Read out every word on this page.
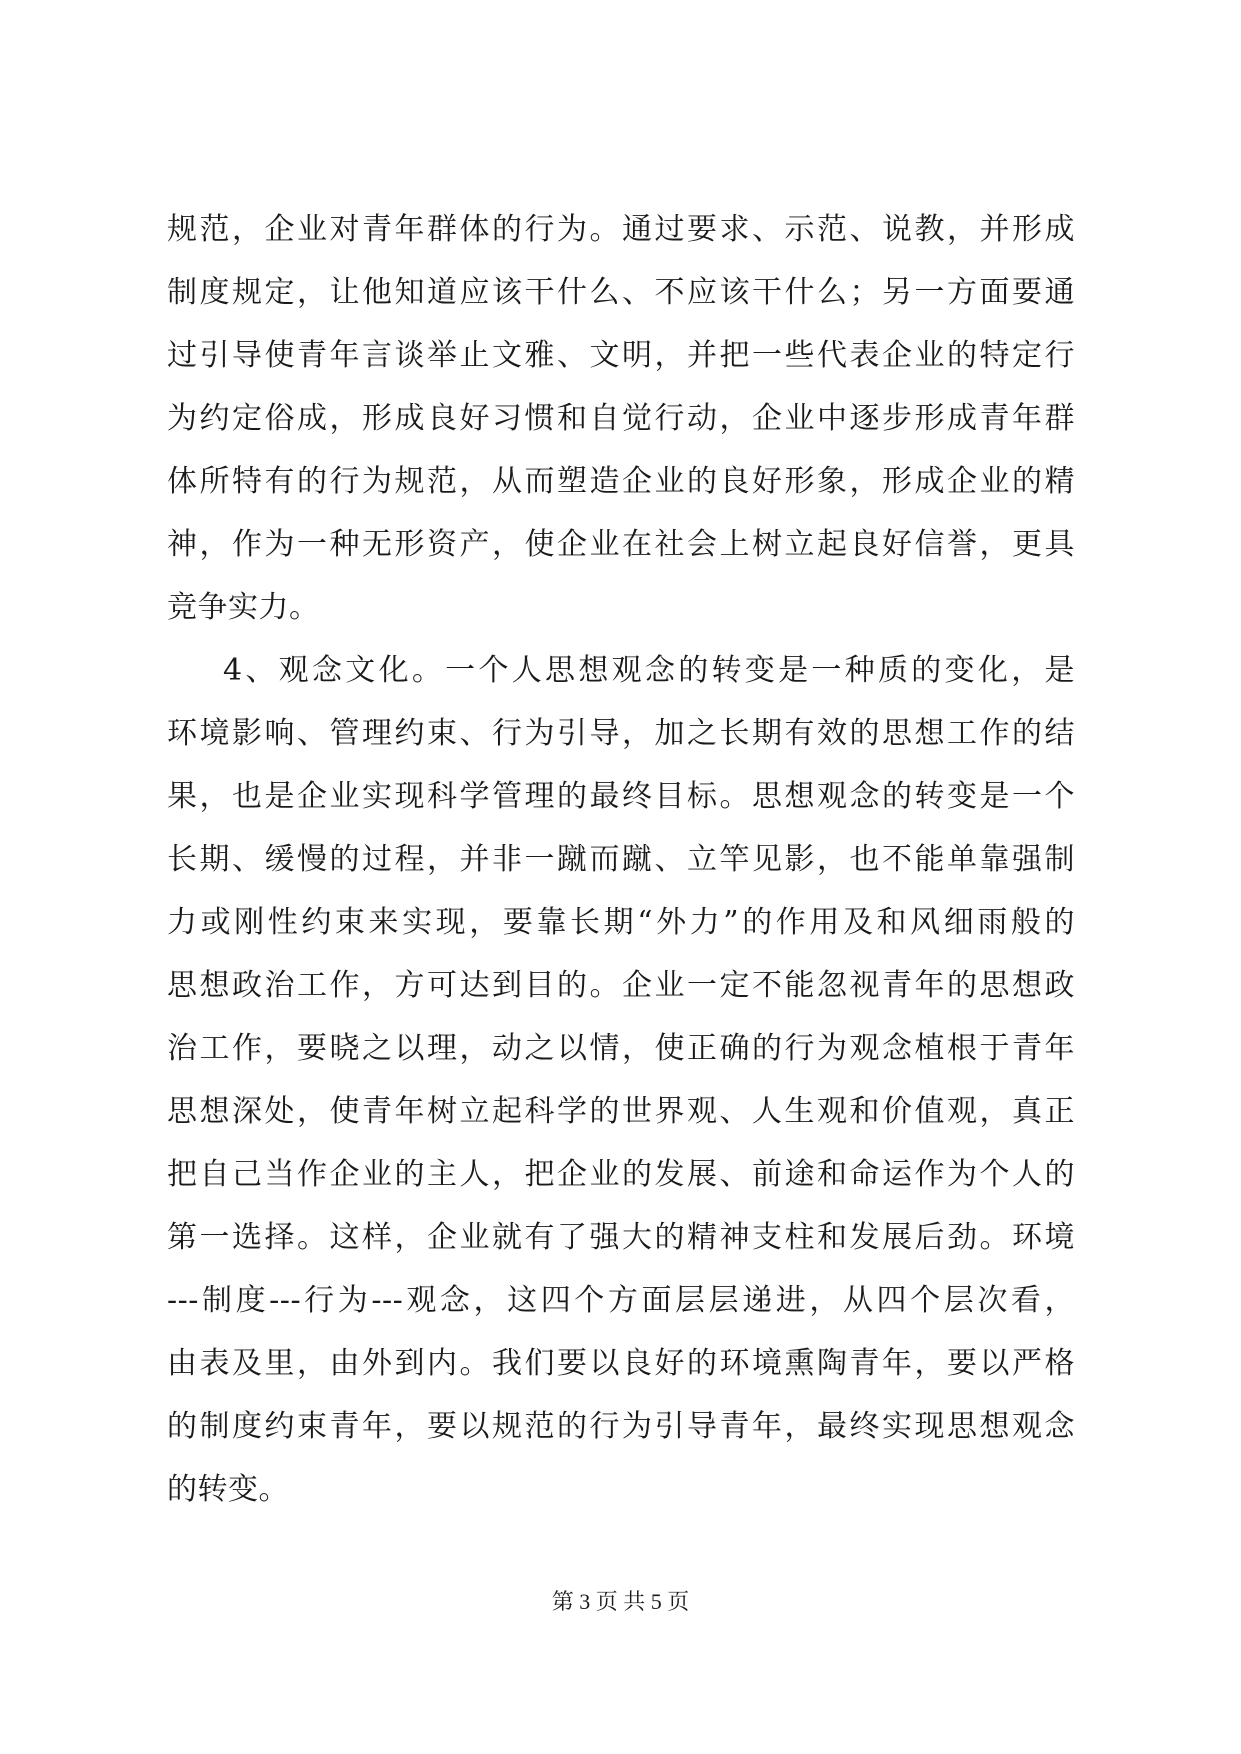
规范，企业对青年群体的行为。通过要求、示范、说教，并形成
制度规定，让他知道应该干什么、不应该干什么；另一方面要通
过引导使青年言谈举止文雅、文明，并把一些代表企业的特定行
为约定俗成，形成良好习惯和自觉行动，企业中逐步形成青年群
体所特有的行为规范，从而塑造企业的良好形象，形成企业的精
神，作为一种无形资产，使企业在社会上树立起良好信誉，更具
竞争实力。
4、观念文化。一个人思想观念的转变是一种质的变化，是
环境影响、管理约束、行为引导，加之长期有效的思想工作的结
果，也是企业实现科学管理的最终目标。思想观念的转变是一个
长期、缓慢的过程，并非一蹴而蹴、立竿见影，也不能单靠强制
力或刚性约束来实现，要靠长期“外力”的作用及和风细雨般的
思想政治工作，方可达到目的。企业一定不能忽视青年的思想政
治工作，要晓之以理，动之以情，使正确的行为观念植根于青年
思想深处，使青年树立起科学的世界观、人生观和价值观，真正
把自己当作企业的主人，把企业的发展、前途和命运作为个人的
第一选择。这样，企业就有了强大的精神支柱和发展后劲。环境
---制度---行为---观念，这四个方面层层递进，从四个层次看，
由表及里，由外到内。我们要以良好的环境熏陶青年，要以严格
的制度约束青年，要以规范的行为引导青年，最终实现思想观念
的转变。
第 3 页 共 5 页
